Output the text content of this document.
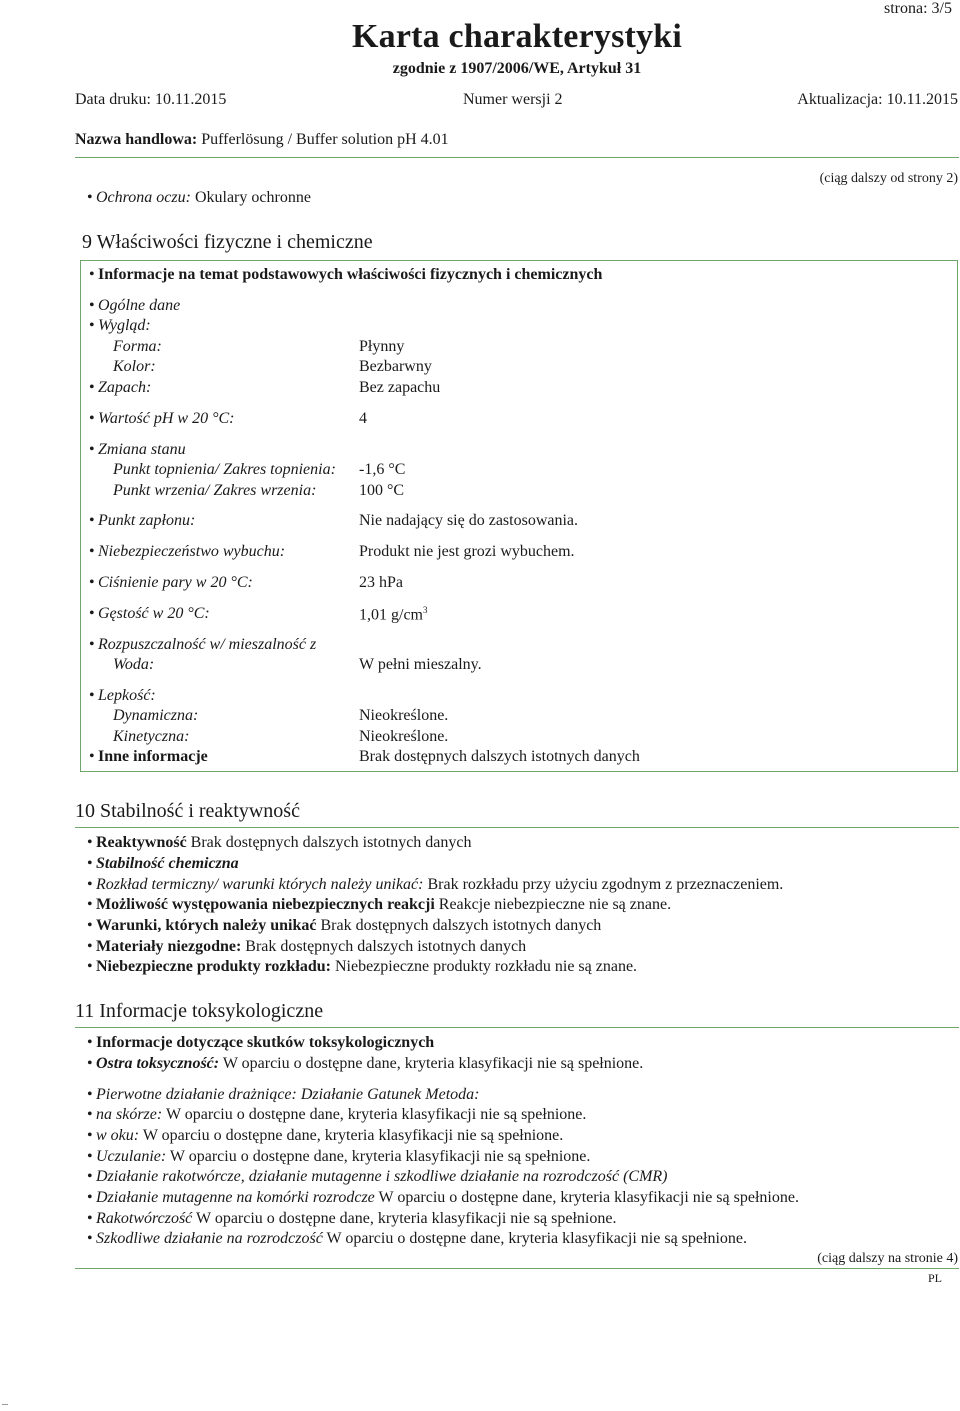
strona: 3/5
Karta charakterystyki
zgodnie z 1907/2006/WE, Artykuł 31
Data druku: 10.11.2015	Numer wersji 2	Aktualizacja: 10.11.2015
Nazwa handlowa: Pufferlösung / Buffer solution pH 4.01
(ciąg dalszy od strony 2)
• Ochrona oczu: Okulary ochronne
9 Właściwości fizyczne i chemiczne
• Informacje na temat podstawowych właściwości fizycznych i chemicznych
• Ogólne dane
• Wygląd:
Forma:	Płynny
Kolor:	Bezbarwny
• Zapach:	Bez zapachu
• Wartość pH w 20 °C:	4
• Zmiana stanu
Punkt topnienia/ Zakres topnienia: -1,6 °C
Punkt wrzenia/ Zakres wrzenia:	100 °C
• Punkt zapłonu:	Nie nadający się do zastosowania.
• Niebezpieczeństwo wybuchu:	Produkt nie jest grozi wybuchem.
• Ciśnienie pary w 20 °C:	23 hPa
• Gęstość w 20 °C:	1,01 $g/cm^3$
• Rozpuszczalność w/ mieszalność z
Woda:	W pełni mieszalny.
• Lepkość:
Dynamiczna:	Nieokreślone.
Kinetyczna:	Nieokreślone.
• Inne informacje	Brak dostępnych dalszych istotnych danych
10 Stabilność i reaktywność
• Reaktywność Brak dostępnych dalszych istotnych danych
• Stabilność chemiczna
• Rozkład termiczny/ warunki których należy unikać: Brak rozkładu przy użyciu zgodnym z przeznaczeniem.
• Możliwość występowania niebezpiecznych reakcji Reakcje niebezpieczne nie są znane.
• Warunki, których należy unikać Brak dostępnych dalszych istotnych danych
• Materiały niezgodne: Brak dostępnych dalszych istotnych danych
• Niebezpieczne produkty rozkładu: Niebezpieczne produkty rozkładu nie są znane.
11 Informacje toksykologiczne
• Informacje dotyczące skutków toksykologicznych
• Ostra toksyczność: W oparciu o dostępne dane, kryteria klasyfikacji nie są spełnione.
• Pierwotne działanie drażniące: Działanie Gatunek Metoda:
• na skórze: W oparciu o dostępne dane, kryteria klasyfikacji nie są spełnione.
• w oku: W oparciu o dostępne dane, kryteria klasyfikacji nie są spełnione.
• Uczulanie: W oparciu o dostępne dane, kryteria klasyfikacji nie są spełnione.
• Działanie rakotwórcze, działanie mutagenne i szkodliwe działanie na rozrodczość (CMR)
• Działanie mutagenne na komórki rozrodcze W oparciu o dostępne dane, kryteria klasyfikacji nie są spełnione.
• Rakotwórczość W oparciu o dostępne dane, kryteria klasyfikacji nie są spełnione.
• Szkodliwe działanie na rozrodczość W oparciu o dostępne dane, kryteria klasyfikacji nie są spełnione.
(ciąg dalszy na stronie 4)
PL
